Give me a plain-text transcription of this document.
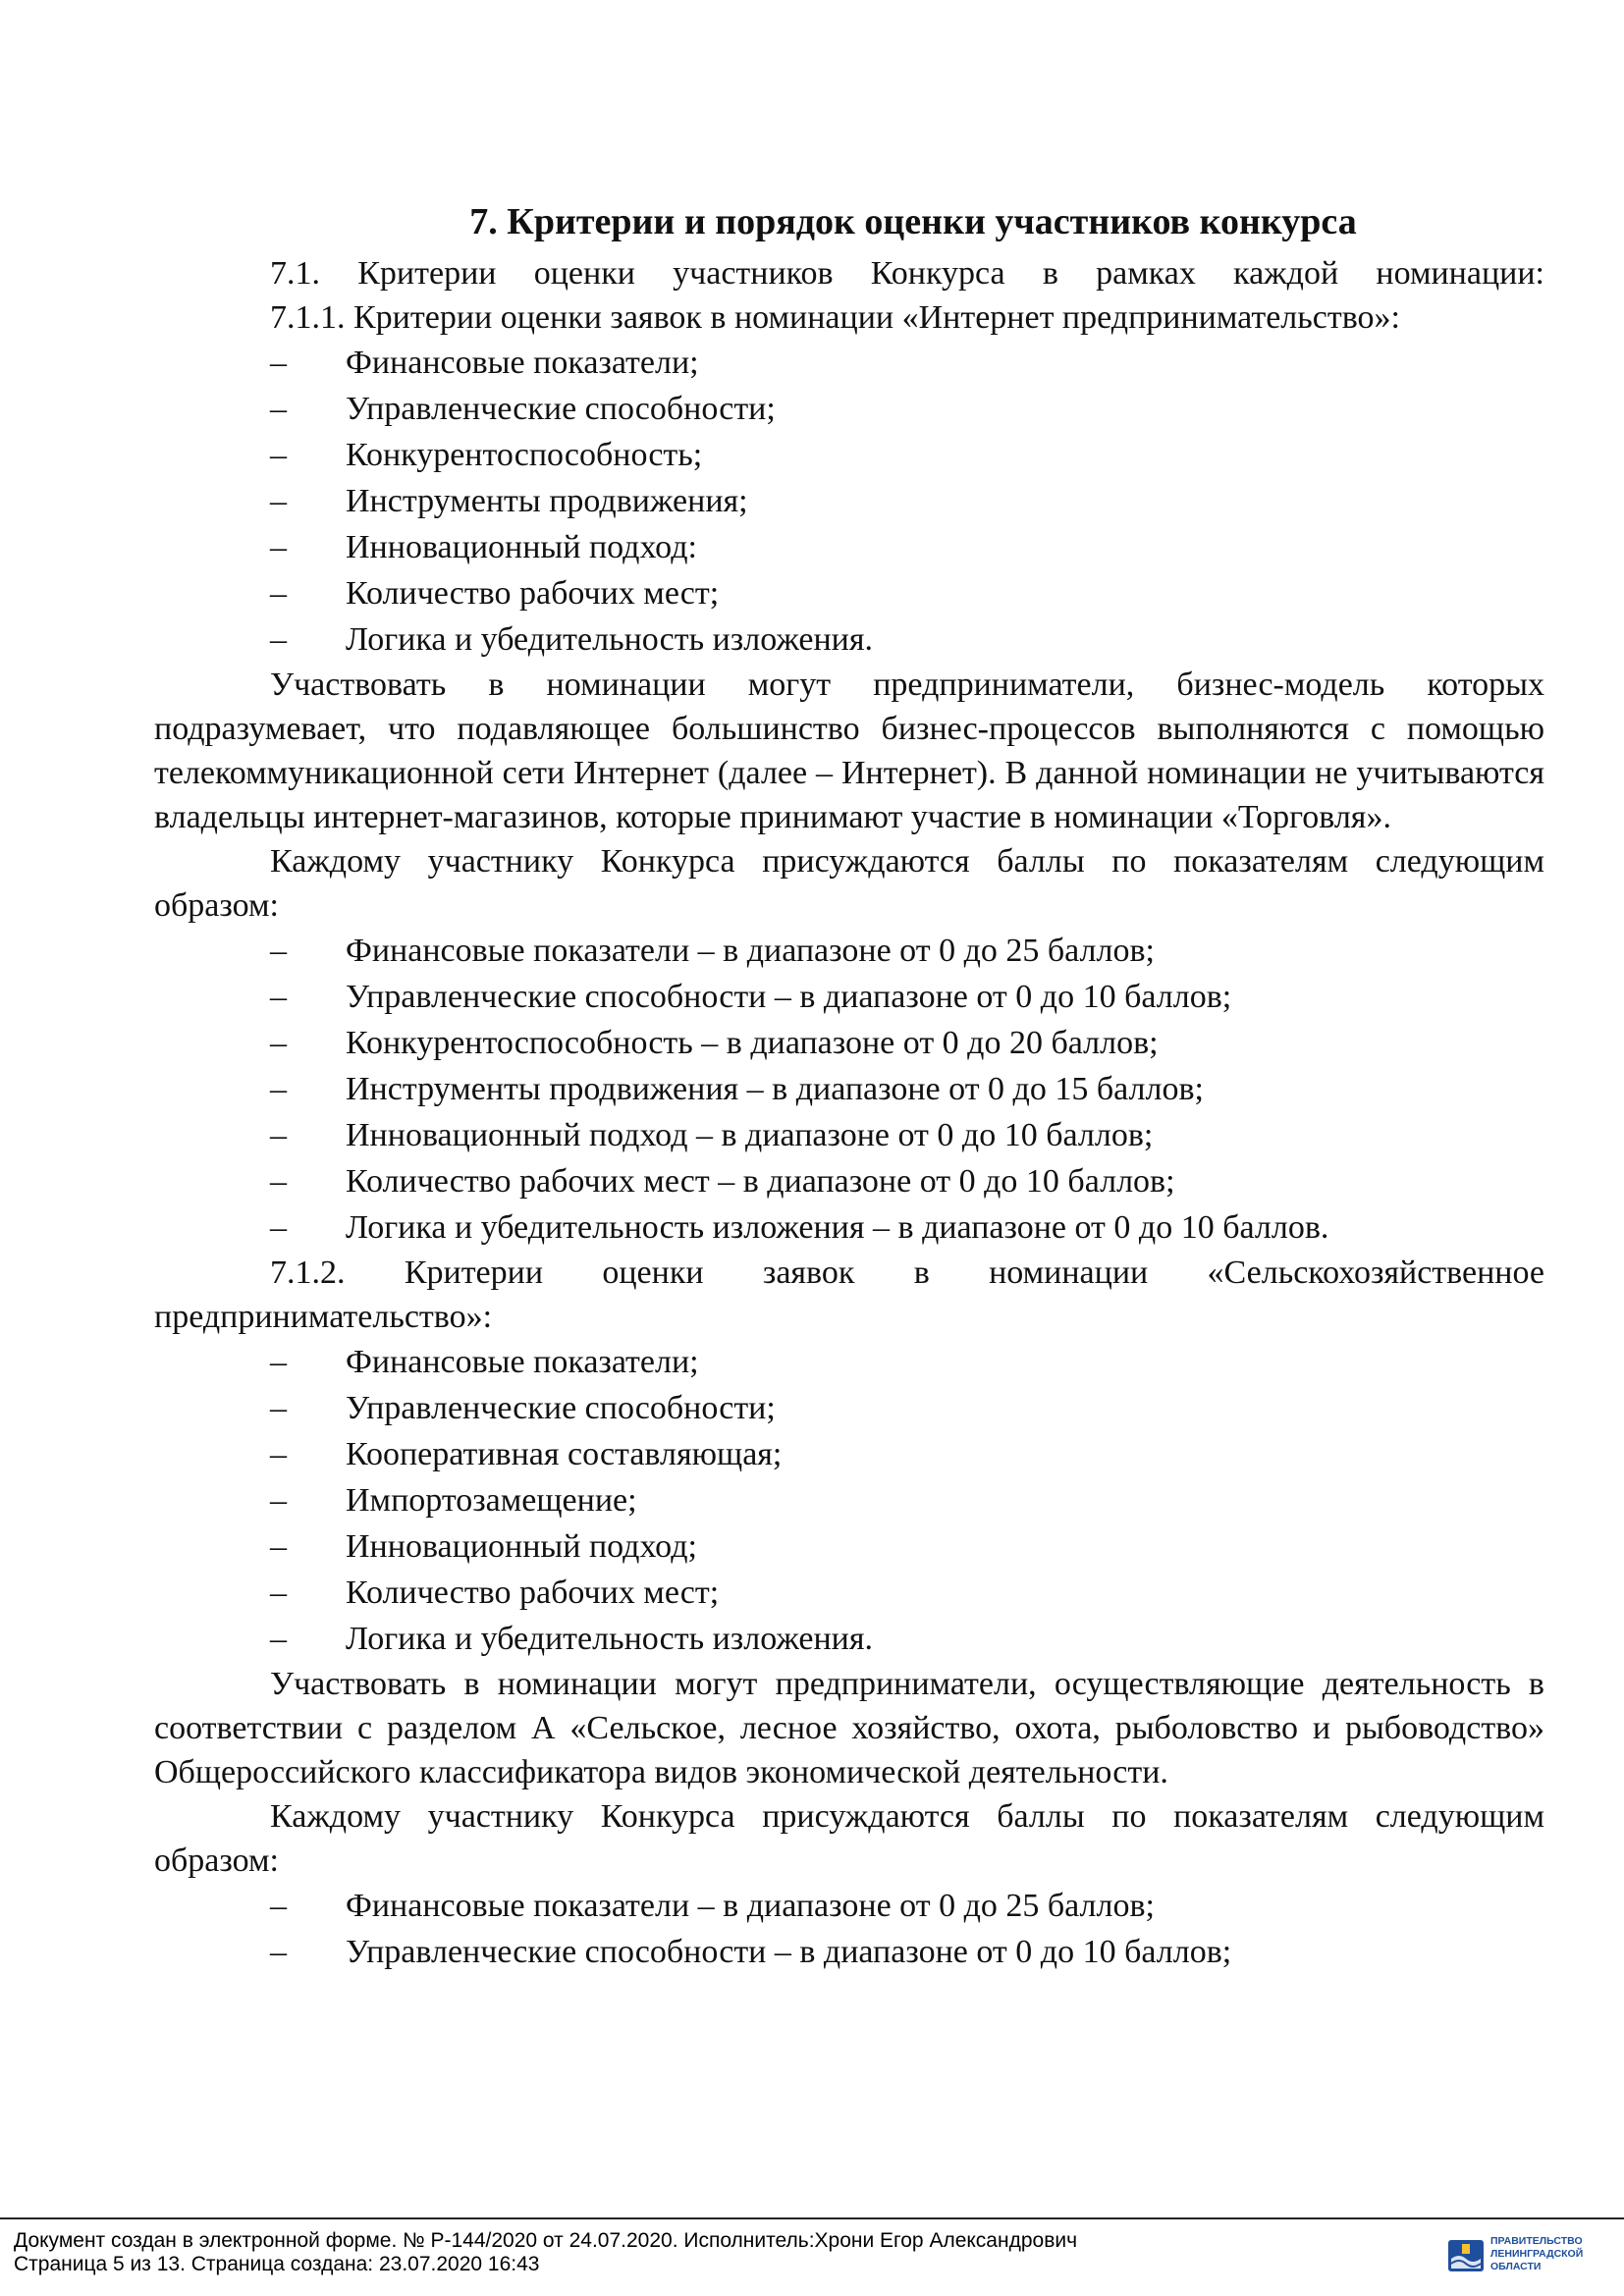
7. Критерии и порядок оценки участников конкурса
7.1. Критерии оценки участников Конкурса в рамках каждой номинации:
7.1.1. Критерии оценки заявок в номинации «Интернет предпринимательство»:
– Финансовые показатели;
– Управленческие способности;
– Конкурентоспособность;
– Инструменты продвижения;
– Инновационный подход:
– Количество рабочих мест;
– Логика и убедительность изложения.
Участвовать в номинации могут предприниматели, бизнес-модель которых подразумевает, что подавляющее большинство бизнес-процессов выполняются с помощью телекоммуникационной сети Интернет (далее – Интернет). В данной номинации не учитываются владельцы интернет-магазинов, которые принимают участие в номинации «Торговля».
Каждому участнику Конкурса присуждаются баллы по показателям следующим образом:
– Финансовые показатели – в диапазоне от 0 до 25 баллов;
– Управленческие способности – в диапазоне от 0 до 10 баллов;
– Конкурентоспособность – в диапазоне от 0 до 20 баллов;
– Инструменты продвижения – в диапазоне от 0 до 15 баллов;
– Инновационный подход – в диапазоне от 0 до 10 баллов;
– Количество рабочих мест – в диапазоне от 0 до 10 баллов;
– Логика и убедительность изложения – в диапазоне от 0 до 10 баллов.
7.1.2. Критерии оценки заявок в номинации «Сельскохозяйственное предпринимательство»:
– Финансовые показатели;
– Управленческие способности;
– Кооперативная составляющая;
– Импортозамещение;
– Инновационный подход;
– Количество рабочих мест;
– Логика и убедительность изложения.
Участвовать в номинации могут предприниматели, осуществляющие деятельность в соответствии с разделом А «Сельское, лесное хозяйство, охота, рыболовство и рыбоводство» Общероссийского классификатора видов экономической деятельности.
Каждому участнику Конкурса присуждаются баллы по показателям следующим образом:
– Финансовые показатели – в диапазоне от 0 до 25 баллов;
– Управленческие способности – в диапазоне от 0 до 10 баллов;
Документ создан в электронной форме. № Р-144/2020 от 24.07.2020. Исполнитель:Хрони Егор Александрович
Страница 5 из 13. Страница создана: 23.07.2020 16:43
ПРАВИТЕЛЬСТВО
ЛЕНИНГРАДСКОЙ
ОБЛАСТИ
